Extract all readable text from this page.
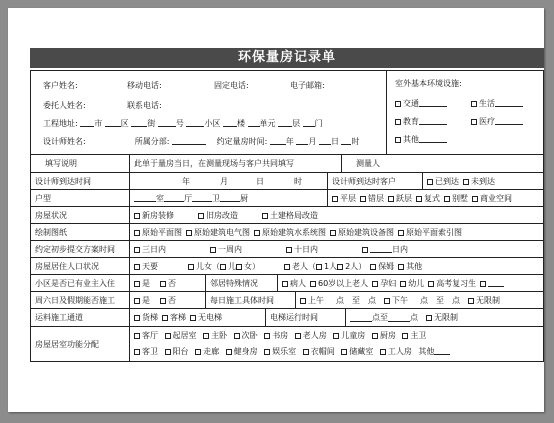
环保量房记录单
客户姓名:	移动电话:	固定电话:	电子邮箱:
委托人姓名:	联系电话:
工程地址: 市 区 街	号	小区 楼 单元 层 门
设计师姓名:	所属分部:	约定量房时间: 年 月 日 时
室外基本环境设施:
交通	生活
教育	医疗
其他
填写说明	此单于量房当日，在测量现场与客户共同填写	测量人
设计师到达时间	年	月	日	时	设计师到达时客户	已到达	未到达
户型	室	厅	卫	厨	平层	错层	跃层	复式	别墅	商业空间
房屋状况	新房装修	旧房改造	土建格局改造
绘制图纸	原始平面图	原始建筑电气图	原始建筑水系统图	原始建筑设备图	原始平面索引图
约定初步提交方案时间	三日内	一周内	十日内	日内
房屋居住人口状况	天要	儿女（ 儿 女）	老人（ 1人 2人）	保姆	其他
小区是否已有业主入住	是	否	邻居特殊情况	病人	60岁以上老人	孕妇	幼儿	高考复习生
周六日及假期能否施工	是	否	每日施工具体时间	上午 点 至 点	下午 点 至 点	无限制
运料施工通道	货梯	客梯	无电梯	电梯运行时间	点至	点	无限制
房屋居室功能分配
客厅 起居室 主卧 次卧 书房 老人房 儿童房 厨房 主卫
客卫 阳台 走廊 健身房 娱乐室 衣帽间 储藏室 工人房 其他
